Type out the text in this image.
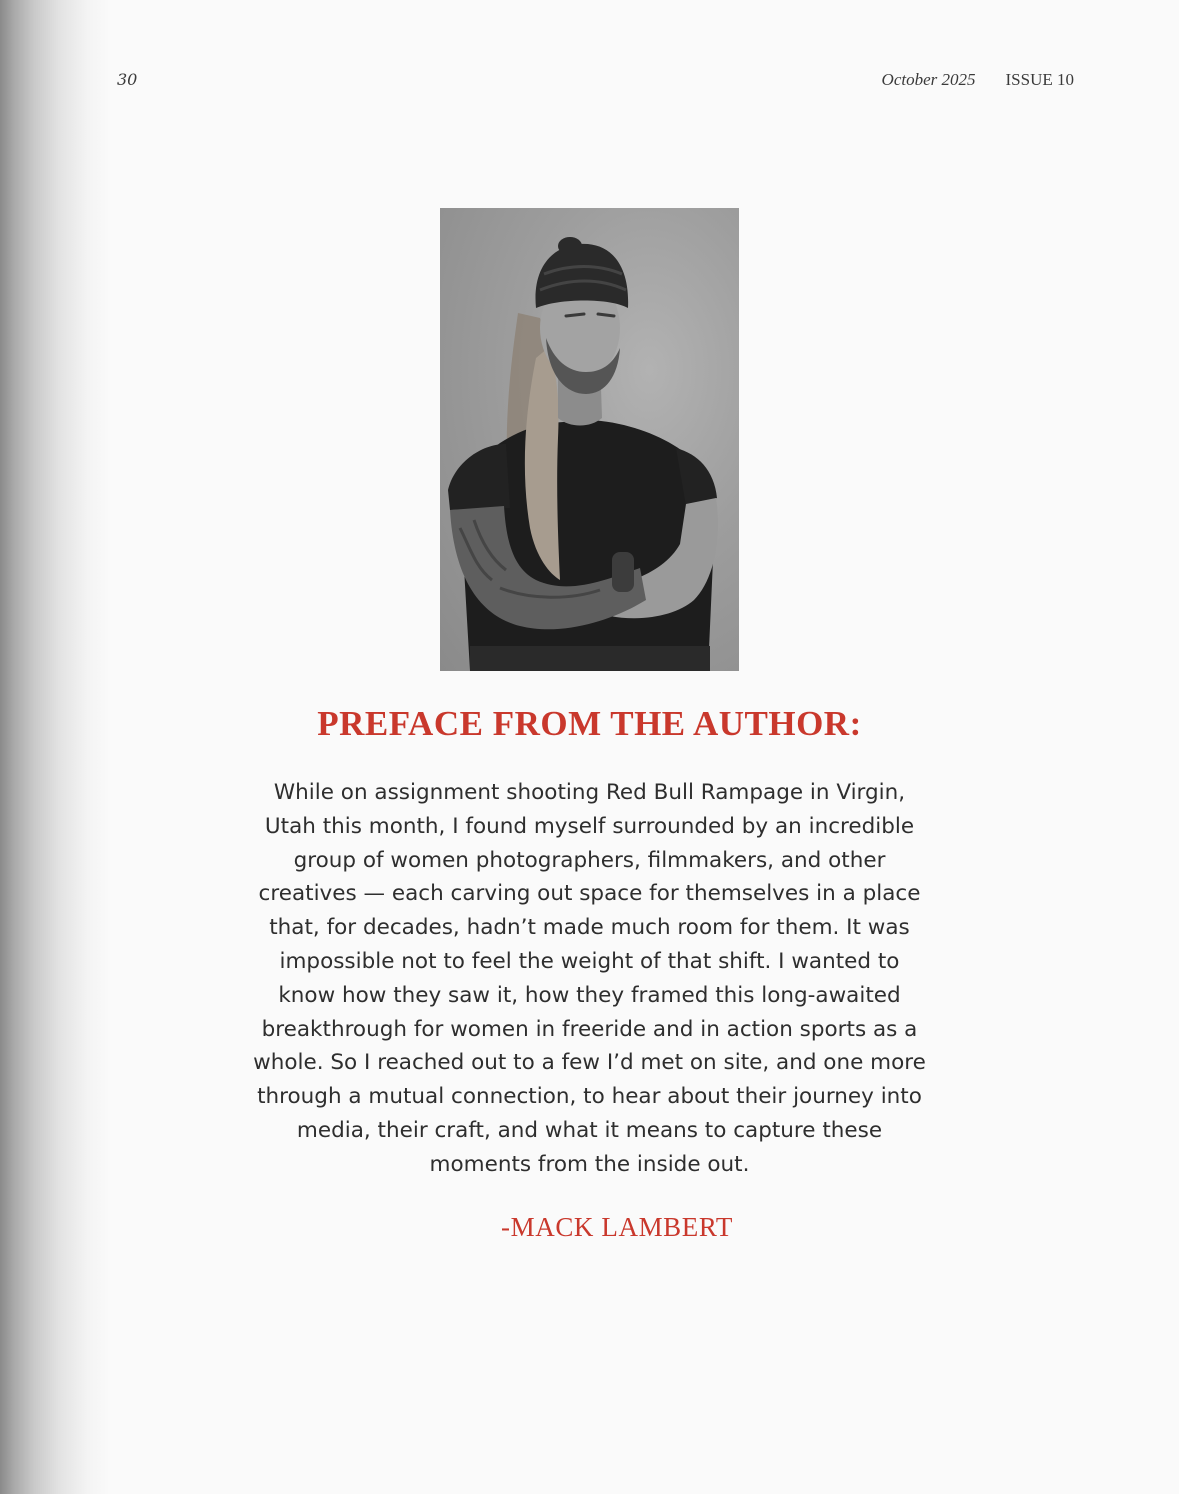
30	October 2025 ISSUE 10
PREFACE FROM THE AUTHOR:

While on assignment shooting Red Bull Rampage in Virgin,
Utah this month, I found myself surrounded by an incredible
group of women photographers, filmmakers, and other
creatives — each carving out space for themselves in a place
that, for decades, hadn’t made much room for them. It was
impossible not to feel the weight of that shift. I wanted to
know how they saw it, how they framed this long-awaited
breakthrough for women in freeride and in action sports as a
whole. So I reached out to a few I’d met on site, and one more
through a mutual connection, to hear about their journey into
media, their craft, and what it means to capture these
moments from the inside out.

-MACK LAMBERT
